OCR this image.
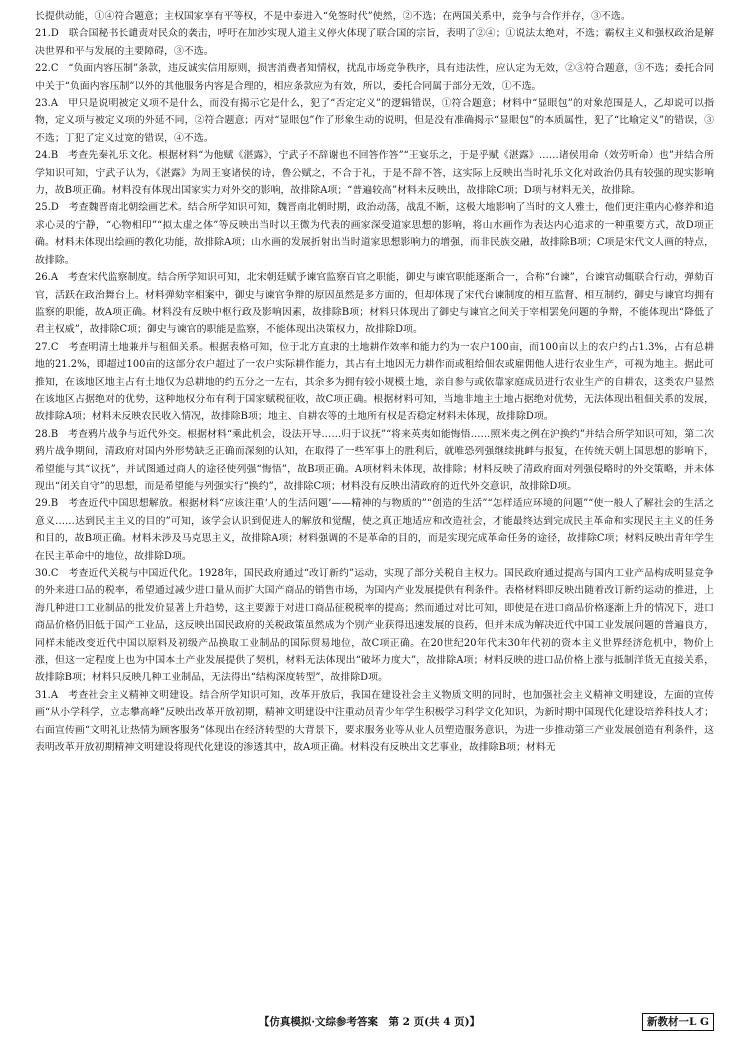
长提供动能，①④符合题意；主权国家享有平等权，不是中泰进入“免签时代”使然，②不选；在两国关系中，竞争与合作并存，③不选。

21.D　联合国秘书长谴责对民众的袭击，呼吁在加沙实现人道主义停火体现了联合国的宗旨，表明了②④；①说法太绝对，不选；霸权主义和强权政治是解决世界和平与发展的主要障碍，③不选。

22.C　“负面内容压制”条款，违反诚实信用原则，损害消费者知情权，扰乱市场竞争秩序，具有违法性，应认定为无效，②③符合题意，③不选；委托合同中关于“负面内容压制”以外的其他服务内容是合理的，相应条款应为有效，所以，委托合同属于部分无效，①不选。

23.A　甲只是说明被定义项不是什么，而没有揭示它是什么，犯了“否定定义”的逻辑错误，①符合题意；材料中“显眼包”的对象范围是人，乙却说可以指物，定义项与被定义项的外延不同，②符合题意；丙对“显眼包”作了形象生动的说明，但是没有准确揭示“显眼包”的本质属性，犯了“比喻定义”的错误，③不选；丁犯了定义过宽的错误，④不选。

24.B　考查先秦礼乐文化。根据材料“为他赋《湛露》，宁武子不辞谢也不回答作答”“王宴乐之，于是乎赋《湛露》……诸侯用命（效劳听命）也”并结合所学知识可知，宁武子认为，《湛露》为周王宴诸侯的诗，鲁公赋之，不合于礼，于是不辞不答，这实际上反映出当时礼乐文化对政治仍具有较强的现实影响力，故B项正确。材料没有体现出国家实力对外交的影响，故排除A项；“普遍较高”材料未反映出，故排除C项；D项与材料无关，故排除。

25.D　考查魏晋南北朝绘画艺术。结合所学知识可知，魏晋南北朝时期，政治动荡，战乱不断，这极大地影响了当时的文人雅士，他们更注重内心修养和追求心灵的宁静，“心物相印”“拟太虚之体”等反映出当时以王微为代表的画家深受道家思想的影响，将山水画作为表达内心追求的一种重要方式，故D项正确。材料未体现出绘画的教化功能，故排除A项；山水画的发展折射出当时道家思想影响力的增强，而非民族交融，故排除B项；C项是宋代文人画的特点，故排除。

26.A　考查宋代监察制度。结合所学知识可知，北宋朝廷赋予谏官监察百官之职能，御史与谏官职能逐渐合一，合称“台谏”，台谏官动辄联合行动，弹劾百官，活跃在政治舞台上。材料弹劾宰相案中，御史与谏官争辩的原因虽然是多方面的，但却体现了宋代台谏制度的相互监督、相互制约，御史与谏官均拥有监察的职能，故A项正确。材料没有反映中枢行政及影响因素，故排除B项；材料只体现出了御史与谏官之间关于宰相罢免问题的争辩，不能体现出“降低了君主权威”，故排除C项；御史与谏官的职能是监察，不能体现出决策权力，故排除D项。

27.C　考查明清土地兼并与租佃关系。根据表格可知，位于北方直隶的土地耕作效率和能力约为一农户100亩，而100亩以上的农户约占1.3%，占有总耕地的21.2%，即超过100亩的这部分农户超过了一农户实际耕作能力，其占有土地因无力耕作而或租给佃农或雇佣他人进行农业生产，可视为地主。据此可推知，在该地区地主占有土地仅为总耕地的约五分之一左右，其余多为拥有较小规模土地，亲自参与或依靠家庭成员进行农业生产的自耕农，这类农户显然在该地区占据绝对的优势，这种地权分布有利于国家赋税征收，故C项正确。根据材料可知，当地非地主土地占据绝对优势，无法体现出租佃关系的发展，故排除A项；材料未反映农民收入情况，故排除B项；地主、自耕农等的土地所有权是否稳定材料未体现，故排除D项。

28.B　考查鸦片战争与近代外交。根据材料“乘此机会，设法开导……归于议抚”“将来英夷如能悔悟……照米夷之例在沪换约”并结合所学知识可知，第二次鸦片战争期间，清政府对国内外形势缺乏正确而深刻的认知，在取得了一些军事上的胜利后，就唯恐列强继续挑衅与报复，在传统天朝上国思想的影响下，希望能与其“议抚”，并试图通过商人的途径使列强“悔悟”，故B项正确。A项材料未体现，故排除；材料反映了清政府面对列强侵略时的外交策略，并未体现出“闭关自守”的思想，而是希望能与列强实行“换约”，故排除C项；材料没有反映出清政府的近代外交意识，故排除D项。

29.B　考查近代中国思想解放。根据材料“应该注重‘人的生活问题’——精神的与物质的”“创造的生活”“怎样适应环境的问题”“使一般人了解社会的生活之意义……达到民主主义的目的”可知，该学会认识到促进人的解放和觉醒，使之真正地适应和改造社会，才能最终达到完成民主革命和实现民主主义的任务和目的，故B项正确。材料未涉及马克思主义，故排除A项；材料强调的不是革命的目的，而是实现完成革命任务的途径，故排除C项；材料反映出青年学生在民主革命中的地位，故排除D项。

30.C　考查近代关税与中国近代化。1928年，国民政府通过“改订新约”运动，实现了部分关税自主权力。国民政府通过提高与国内工业产品构成明显竞争的外来进口品的税率，希望通过减少进口量从而扩大国产商品的销售市场，为国内产业发展提供有利条件。表格材料即反映出随着改订新约运动的推进，上海几种进口工业制品的批发价显著上升趋势，这主要源于对进口商品征税税率的提高；然而通过对比可知，即使是在进口商品价格逐渐上升的情况下，进口商品价格仍旧低于国产工业品，这反映出国民政府的关税政策虽然成为个别产业获得迅速发展的良药，但并未成为解决近代中国工业发展问题的普遍良方，同样未能改变近代中国以原料及初级产品换取工业制品的国际贸易地位，故C项正确。在20世纪20年代末30年代初的资本主义世界经济危机中，物价上涨，但这一定程度上也为中国本土产业发展提供了契机，材料无法体现出“破坏力度大”，故排除A项；材料反映的进口品价格上涨与抵制洋货无直接关系，故排除B项；材料只反映几种工业制品，无法得出“结构深度转型”，故排除D项。

31.A　考查社会主义精神文明建设。结合所学知识可知，改革开放后，我国在建设社会主义物质文明的同时，也加强社会主义精神文明建设，左面的宣传画“从小学科学，立志攀高峰”反映出改革开放初期，精神文明建设中注重动员青少年学生积极学习科学文化知识，为新时期中国现代化建设培养科技人才；右面宣传画“文明礼让热情为顾客服务”体现出在经济转型的大背景下，要求服务业等从业人员塑造服务意识，为进一步推动第三产业发展创造有利条件，这表明改革开放初期精神文明建设将现代化建设的渗透其中，故A项正确。材料没有反映出文艺事业，故排除B项；材料无

【仿真模拟·文综参考答案　第 2 页(共 4 页)】	新教材一L G
